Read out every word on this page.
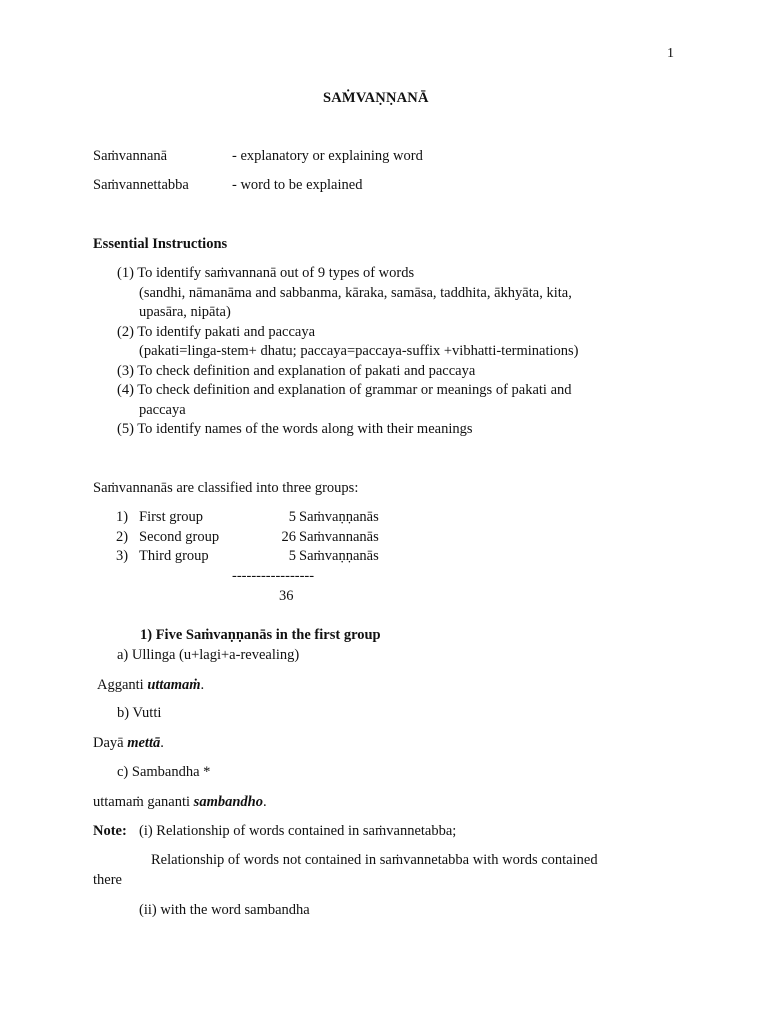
1
SAṀVAṆṆANĀ
Saṁvannanā	- explanatory or explaining word
Saṁvannettabba	- word to be explained
Essential Instructions
(1) To identify saṁvannanā out of 9 types of words
(sandhi, nāmanāma and sabbanma, kāraka, samāsa, taddhita, ākhyāta, kita,
upasāra, nipāta)
(2) To identify pakati and paccaya
(pakati=linga-stem+ dhatu; paccaya=paccaya-suffix +vibhatti-terminations)
(3) To check definition and explanation of pakati and paccaya
(4) To check definition and explanation of grammar or meanings of pakati and
paccaya
(5) To identify names of the words along with their meanings
Saṁvannanās are classified into three groups:
1) First group	5 Saṁvaṇṇanās
2) Second group	26 Saṁvannanās
3) Third group	5 Saṁvaṇṇanās
-----------------
36
1) Five Saṁvaṇṇanās in the first group
a) Ullinga (u+lagi+a-revealing)
Agganti uttamaṁ.
b) Vutti
Dayā mettā.
c) Sambandha *
uttamaṁ gananti sambandho.
Note: (i) Relationship of words contained in saṁvannetabba;
Relationship of words not contained in saṁvannetabba with words contained
there
(ii) with the word sambandha
